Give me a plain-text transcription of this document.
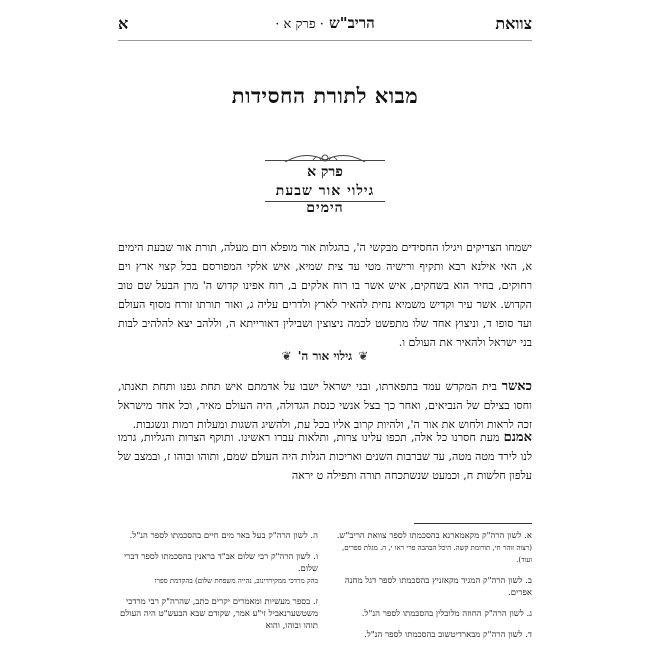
צוואת
הריב"ש · פרק א ·
א
מבוא לתורת החסידות
פרק א
גילוי אור שבעת הימים
ישמחו הצדיקים ויגילו החסידים מבקשי ה', בהגלות אור מופלא רום מעלה, תורת אור שבעת הימים א, האי אילנא רבא ותקיף ורישיה מטי עד צית שמיא, איש אלקי המפורסם בכל קצוי ארץ וים רחוקים, בחיר הוא בשחקים, איש אשר בו רוח אלקים ב, רוח אפינו קדוש ה' מרן הבעל שם טוב הקדוש. אשר עיר וקדיש משמיא נחית להאיר לארץ ולדרים עליה ג, ואור תורתו זורח מסוף העולם ועד סופו ד, וניצוץ אחד שלו מתפשט לכמה ניצוצין ושבילין דאורייתא ה, וללהב יצא להלהיב לבות בני ישראל ולהאיר את העולם ו.
❦גילוי אור ה'❦
כאשר בית המקדש עמד בתפארתו, ובני ישראל ישבו על אדמתם איש תחת גפנו ותחת תאנתו, וחסו בצילם של הנביאים, ואחר כך בצל אנשי כנסת הגדולה, היה העולם מאיר, וכל אחד מישראל זכה לראות ולחוש את אור ה', ולהיות קרוב אליו בכל עת, ולהשיג השגות ומעלות רמות ונשגבות.
אמנם מעת חסרנו כל אלה, תכפו עלינו צרות, ותלאות עברו ראשינו. ותוקף הצרות והגליות, גרמו לנו לירד מטה מטה, עד שברבות השנים ואריכות הגלות היה העולם שמם, ותוהו ובוהו ז, ובמצב של עלפון חלשות ח, וכמעט שנשתכחה תורה ותפילה ט יראה
א. לשון הרה"ק מקאמארנא בהסכמתו לספר צוואת הריב"ש.
(רצוה זוהר חי, תורומת קשה. היכל הבהבה פרי ראו י, ה. מגלת ספרים, ועוד).
ב. לשון הרה"ק המגיד מקאזניץ בהסכמתו לספר דגל מחנה אפרים.
ג. לשון הרה"ק החוזה מלובלין בהסכמתו לספר הנ"ל.
ד. לשון הרה"ק מבארדיטשוב בהסכמתו לספר הנ"ל.
ה. לשון הרה"ק בעל באר מים חיים בהסכמתו לספר הנ"ל.
ו. לשון הרה"ק רבי שלום אב"ד בראנין בהסכמתו לספר דברי שלום.
בהק מרדכי ממקירדינוב, נהייה משפחת שלום) בהקדמת ספרו
ז. בספר מעשיות ומאמרים יקרים כתב, שהרה"ק רבי מרדכי משטשערנאביל זי"ע אמר, שקודם שבא הבעש"ט היה העולם תוהו ובוהו, והוא
